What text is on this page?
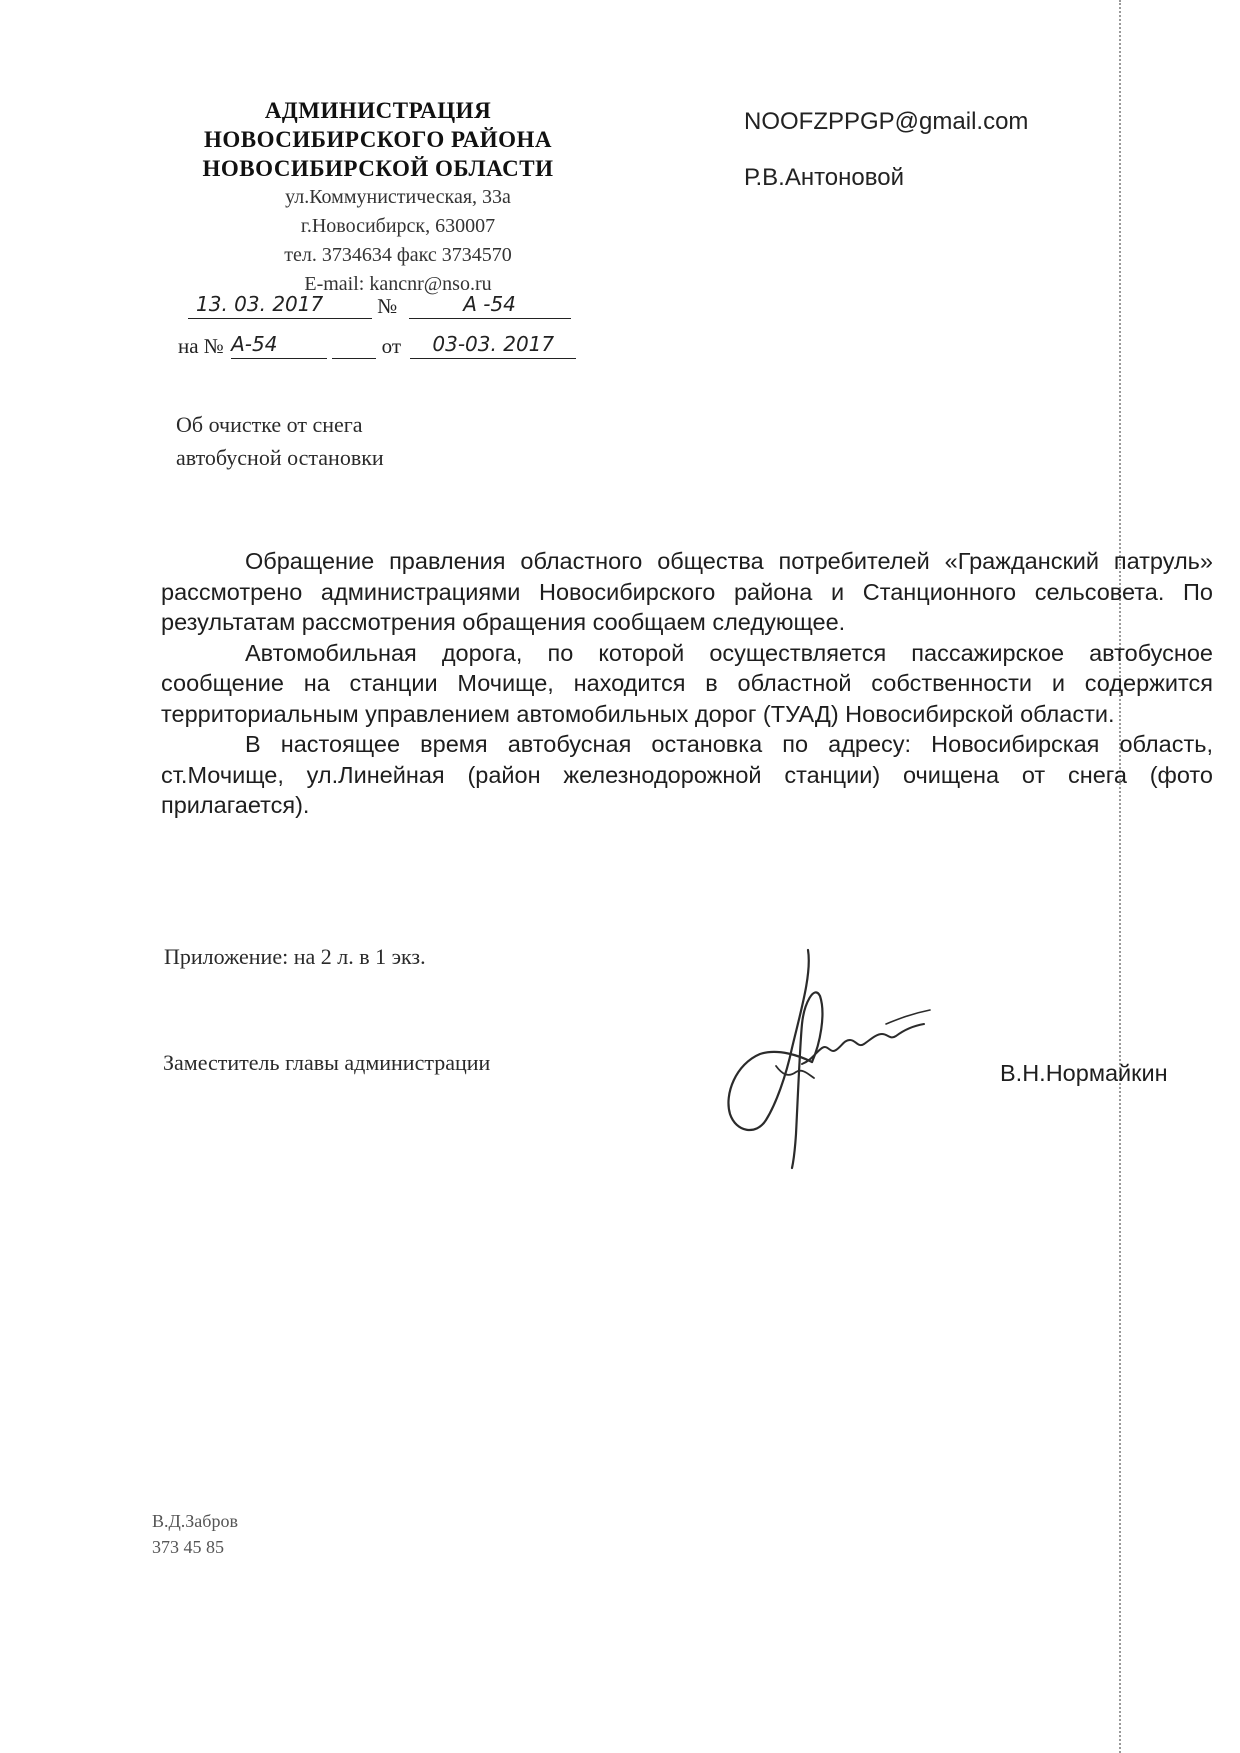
АДМИНИСТРАЦИЯ
НОВОСИБИРСКОГО РАЙОНА
НОВОСИБИРСКОЙ ОБЛАСТИ
ул.Коммунистическая, 33а
г.Новосибирск, 630007
тел. 3734634 факс 3734570
E-mail: kancnr@nso.ru
13. 03. 2017	№	А -54
на № А-54	от 03-03. 2017
NOOFZPPGP@gmail.com
Р.В.Антоновой
Об очистке от снега
автобусной остановки

Обращение правления областного общества потребителей «Гражданский патруль» рассмотрено администрациями Новосибирского района и Станционного сельсовета. По результатам рассмотрения обращения сообщаем следующее.

Автомобильная дорога, по которой осуществляется пассажирское автобусное сообщение на станции Мочище, находится в областной собственности и содержится территориальным управлением автомобильных дорог (ТУАД) Новосибирской области.

В настоящее время автобусная остановка по адресу: Новосибирская область, ст.Мочище, ул.Линейная (район железнодорожной станции) очищена от снега (фото прилагается).

Приложение: на 2 л. в 1 экз.
Заместитель главы администрации	В.Н.Нормайкин
В.Д.Забров
373 45 85
